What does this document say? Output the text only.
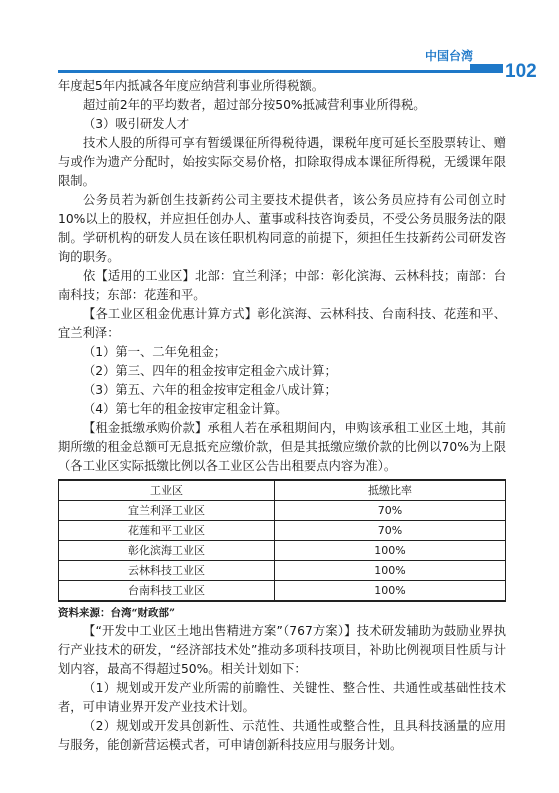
中国台湾
102

年度起5年内抵减各年度应纳营利事业所得税额。

超过前2年的平均数者，超过部分按50%抵减营利事业所得税。

（3）吸引研发人才

技术人股的所得可享有暂缓课征所得税待遇，课税年度可延长至股票转让、赠与或作为遗产分配时，始按实际交易价格，扣除取得成本课征所得税，无缓课年限限制。

公务员若为新创生技新药公司主要技术提供者，该公务员应持有公司创立时10%以上的股权，并应担任创办人、董事或科技咨询委员，不受公务员服务法的限制。学研机构的研发人员在该任职机构同意的前提下，须担任生技新药公司研发咨询的职务。

依【适用的工业区】北部：宜兰利泽；中部：彰化滨海、云林科技；南部：台南科技；东部：花莲和平。

【各工业区租金优惠计算方式】彰化滨海、云林科技、台南科技、花莲和平、宜兰利泽：

（1）第一、二年免租金；

（2）第三、四年的租金按审定租金六成计算；

（3）第五、六年的租金按审定租金八成计算；

（4）第七年的租金按审定租金计算。

【租金抵缴承购价款】承租人若在承租期间内，申购该承租工业区土地，其前期所缴的租金总额可无息抵充应缴价款，但是其抵缴应缴价款的比例以70%为上限（各工业区实际抵缴比例以各工业区公告出租要点内容为准）。

工业区	抵缴比率
宜兰利泽工业区	70%
花莲和平工业区	70%
彰化滨海工业区	100%
云林科技工业区	100%
台南科技工业区	100%

资料来源：台湾“财政部”

【“开发中工业区土地出售精进方案”（767方案）】技术研发辅助为鼓励业界执行产业技术的研发，“经济部技术处”推动多项科技项目，补助比例视项目性质与计划内容，最高不得超过50%。相关计划如下：

（1）规划或开发产业所需的前瞻性、关键性、整合性、共通性或基础性技术者，可申请业界开发产业技术计划。

（2）规划或开发具创新性、示范性、共通性或整合性，且具科技涵量的应用与服务，能创新营运模式者，可申请创新科技应用与服务计划。
